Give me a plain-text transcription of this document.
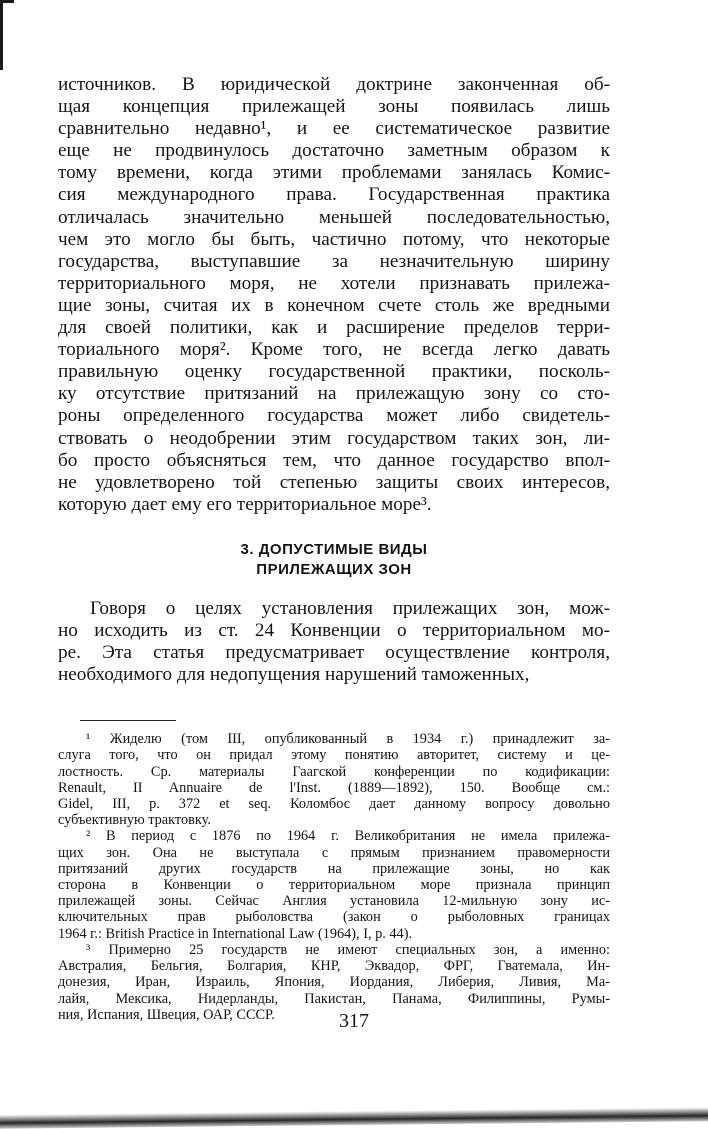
источников. В юридической доктрине законченная об-
щая концепция прилежащей зоны появилась лишь
сравнительно недавно¹, и ее систематическое развитие
еще не продвинулось достаточно заметным образом к
тому времени, когда этими проблемами занялась Комис-
сия международного права. Государственная практика
отличалась значительно меньшей последовательностью,
чем это могло бы быть, частично потому, что некоторые
государства, выступавшие за незначительную ширину
территориального моря, не хотели признавать прилежа-
щие зоны, считая их в конечном счете столь же вредными
для своей политики, как и расширение пределов терри-
ториального моря². Кроме того, не всегда легко давать
правильную оценку государственной практики, посколь-
ку отсутствие притязаний на прилежащую зону со сто-
роны определенного государства может либо свидетель-
ствовать о неодобрении этим государством таких зон, ли-
бо просто объясняться тем, что данное государство впол-
не удовлетворено той степенью защиты своих интересов,
которую дает ему его территориальное море³.
3. ДОПУСТИМЫЕ ВИДЫ
ПРИЛЕЖАЩИХ ЗОН
Говоря о целях установления прилежащих зон, мож-
но исходить из ст. 24 Конвенции о территориальном мо-
ре. Эта статья предусматривает осуществление контроля,
необходимого для недопущения нарушений таможенных,
¹ Жиделю (том III, опубликованный в 1934 г.) принадлежит за-
слуга того, что он придал этому понятию авторитет, систему и це-
лостность. Ср. материалы Гаагской конференции по кодификации:
Renault, II Annuaire de l'Inst. (1889—1892), 150. Вообще см.:
Gidel, III, p. 372 et seq. Коломбос дает данному вопросу довольно
субъективную трактовку.
² В период с 1876 по 1964 г. Великобритания не имела прилежа-
щих зон. Она не выступала с прямым признанием правомерности
притязаний других государств на прилежащие зоны, но как
сторона в Конвенции о территориальном море признала принцип
прилежащей зоны. Сейчас Англия установила 12-мильную зону ис-
ключительных прав рыболовства (закон о рыболовных границах
1964 г.: British Practice in International Law (1964), I, p. 44).
³ Примерно 25 государств не имеют специальных зон, а именно:
Австралия, Бельгия, Болгария, КНР, Эквадор, ФРГ, Гватемала, Ин-
донезия, Иран, Израиль, Япония, Иордания, Либерия, Ливия, Ма-
лайя, Мексика, Нидерланды, Пакистан, Панама, Филиппины, Румы-
ния, Испания, Швеция, ОАР, СССР.	317
